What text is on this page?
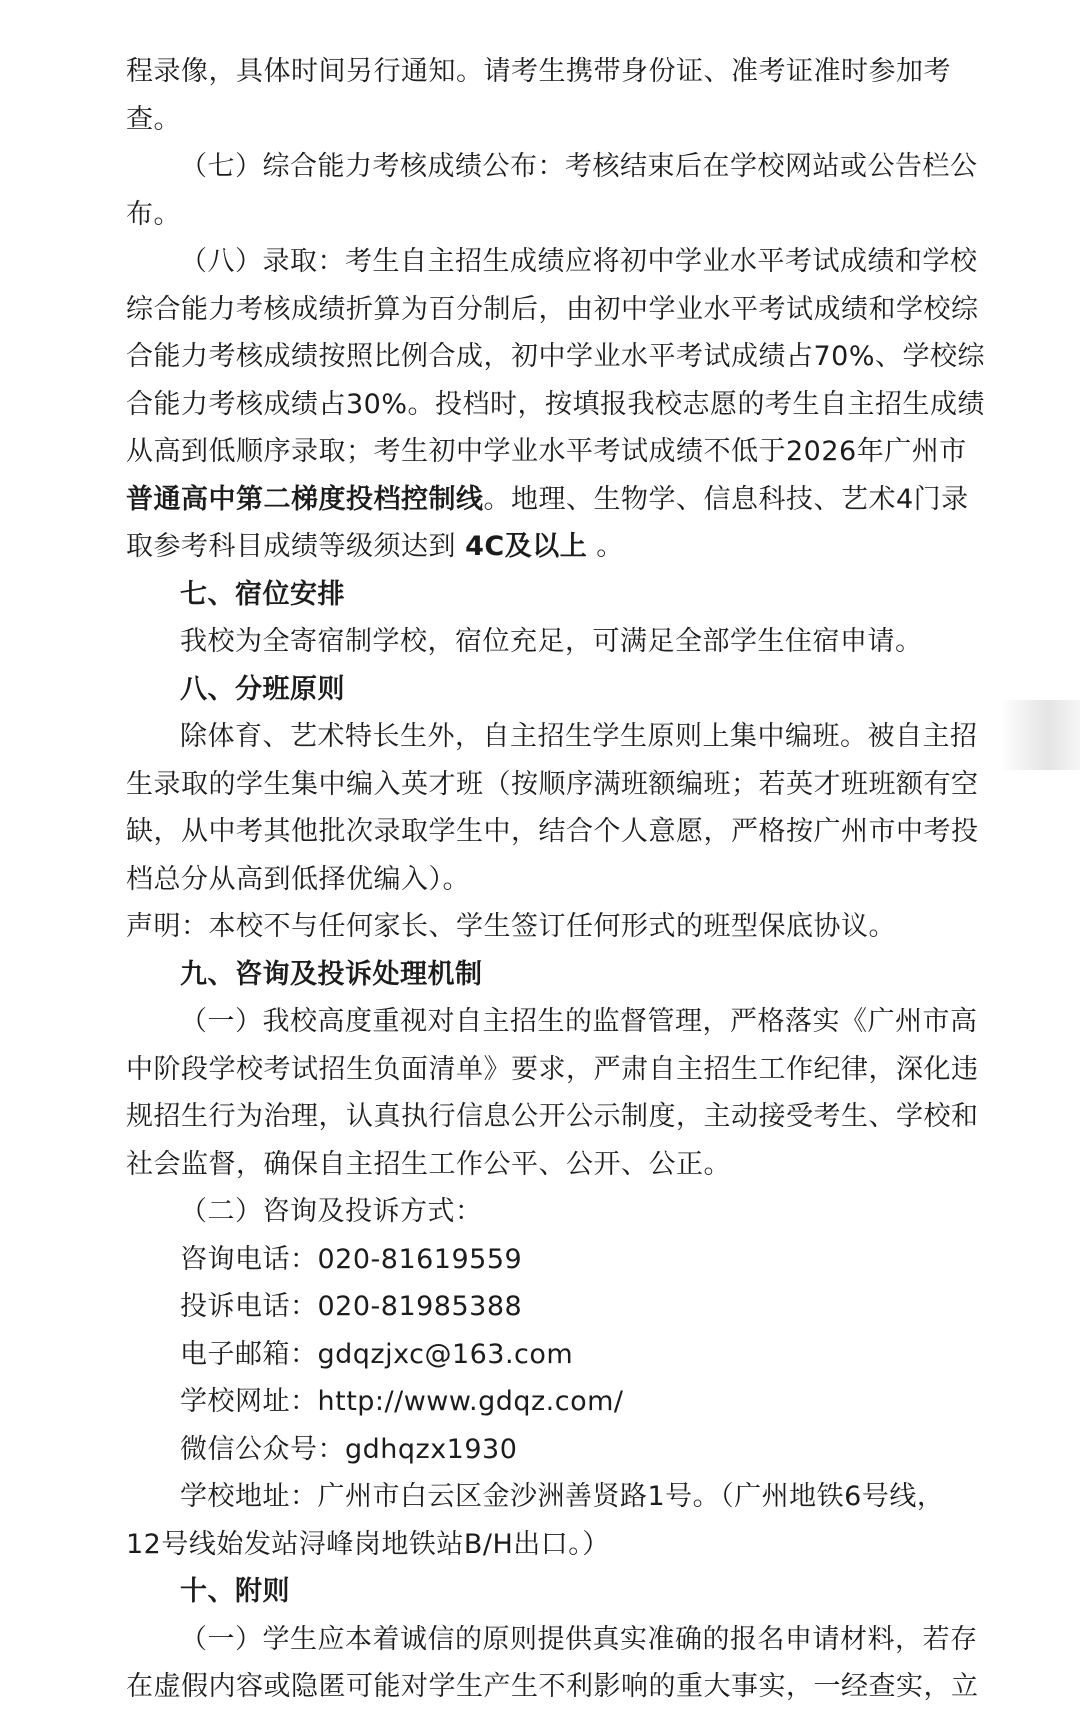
程录像，具体时间另行通知。请考生携带身份证、准考证准时参加考
查。
（七）综合能力考核成绩公布：考核结束后在学校网站或公告栏公
布。
（八）录取：考生自主招生成绩应将初中学业水平考试成绩和学校
综合能力考核成绩折算为百分制后，由初中学业水平考试成绩和学校综
合能力考核成绩按照比例合成，初中学业水平考试成绩占70%、学校综
合能力考核成绩占30%。投档时，按填报我校志愿的考生自主招生成绩
从高到低顺序录取；考生初中学业水平考试成绩不低于2026年广州市
普通高中第二梯度投档控制线。地理、生物学、信息科技、艺术4门录
取参考科目成绩等级须达到 4C及以上 。
七、宿位安排
我校为全寄宿制学校，宿位充足，可满足全部学生住宿申请。
八、分班原则
除体育、艺术特长生外，自主招生学生原则上集中编班。被自主招
生录取的学生集中编入英才班（按顺序满班额编班；若英才班班额有空
缺，从中考其他批次录取学生中，结合个人意愿，严格按广州市中考投
档总分从高到低择优编入）。
声明：本校不与任何家长、学生签订任何形式的班型保底协议。
九、咨询及投诉处理机制
（一）我校高度重视对自主招生的监督管理，严格落实《广州市高
中阶段学校考试招生负面清单》要求，严肃自主招生工作纪律，深化违
规招生行为治理，认真执行信息公开公示制度，主动接受考生、学校和
社会监督，确保自主招生工作公平、公开、公正。
（二）咨询及投诉方式：
咨询电话：020-81619559
投诉电话：020-81985388
电子邮箱：gdqzjxc@163.com
学校网址：http://www.gdqz.com/
微信公众号：gdhqzx1930
学校地址：广州市白云区金沙洲善贤路1号。（广州地铁6号线，
12号线始发站浔峰岗地铁站B/H出口。）
十、附则
（一）学生应本着诚信的原则提供真实准确的报名申请材料，若存
在虚假内容或隐匿可能对学生产生不利影响的重大事实，一经查实，立
